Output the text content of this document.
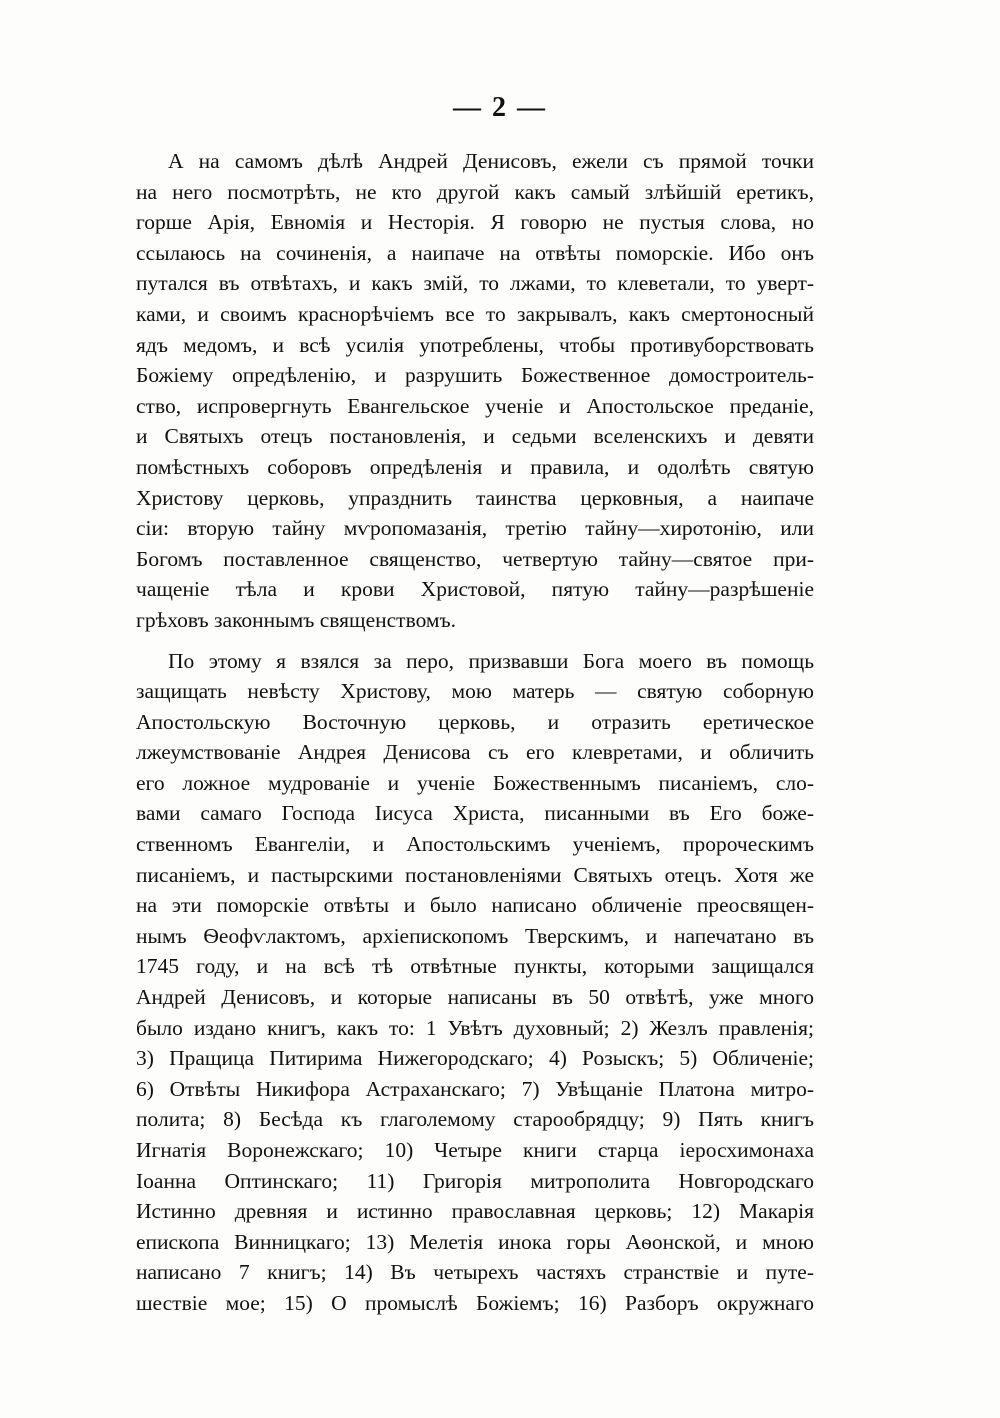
— 2 —
А на самомъ дѣлѣ Андрей Денисовъ, ежели съ прямой точки
на него посмотрѣть, не кто другой какъ самый злѣйшій еретикъ,
горше Арія, Евномія и Несторія. Я говорю не пустыя слова, но
ссылаюсь на сочиненія, а наипаче на отвѣты поморскіе. Ибо онъ
путался въ отвѣтахъ, и какъ змій, то лжами, то клеветали, то уверт-
ками, и своимъ краснорѣчіемъ все то закрывалъ, какъ смертоносный
ядъ медомъ, и всѣ усилія употреблены, чтобы противуборствовать
Божіему опредѣленію, и разрушить Божественное домостроитель-
ство, испровергнуть Евангельское ученіе и Апостольское преданіе,
и Святыхъ отецъ постановленія, и седьми вселенскихъ и девяти
помѣстныхъ соборовъ опредѣленія и правила, и одолѣть святую
Христову церковь, упразднить таинства церковныя, а наипаче
сіи: вторую тайну мѵропомазанія, третію тайну—хиротонію, или
Богомъ поставленное священство, четвертую тайну—святое при-
чащеніе тѣла и крови Христовой, пятую тайну—разрѣшеніе
грѣховъ законнымъ священствомъ.
По этому я взялся за перо, призвавши Бога моего въ помощь
защищать невѣсту Христову, мою матерь — святую соборную
Апостольскую Восточную церковь, и отразить еретическое
лжеумствованіе Андрея Денисова съ его клевретами, и обличить
его ложное мудрованіе и ученіе Божественнымъ писаніемъ, сло-
вами самаго Господа Іисуса Христа, писанными въ Его боже-
ственномъ Евангеліи, и Апостольскимъ ученіемъ, пророческимъ
писаніемъ, и пастырскими постановленіями Святыхъ отецъ. Хотя же
на эти поморскіе отвѣты и было написано обличеніе преосвящен-
нымъ Ѳеофѵлактомъ, архіепископомъ Тверскимъ, и напечатано въ
1745 году, и на всѣ тѣ отвѣтные пункты, которыми защищался
Андрей Денисовъ, и которые написаны въ 50 отвѣтѣ, уже много
было издано книгъ, какъ то: 1 Увѣтъ духовный; 2) Жезлъ правленія;
3) Пращица Питирима Нижегородскаго; 4) Розыскъ; 5) Обличеніе;
6) Отвѣты Никифора Астраханскаго; 7) Увѣщаніе Платона митро-
полита; 8) Бесѣда къ глаголемому старообрядцу; 9) Пять книгъ
Игнатія Воронежскаго; 10) Четыре книги старца іеросхимонаха
Іоанна Оптинскаго; 11) Григорія митрополита Новгородскаго
Истинно древняя и истинно православная церковь; 12) Макарія
епископа Винницкаго; 13) Мелетія инока горы Аѳонской, и мною
написано 7 книгъ; 14) Въ четырехъ частяхъ странствіе и путе-
шествіе мое; 15) О промыслѣ Божіемъ; 16) Разборъ окружнаго
